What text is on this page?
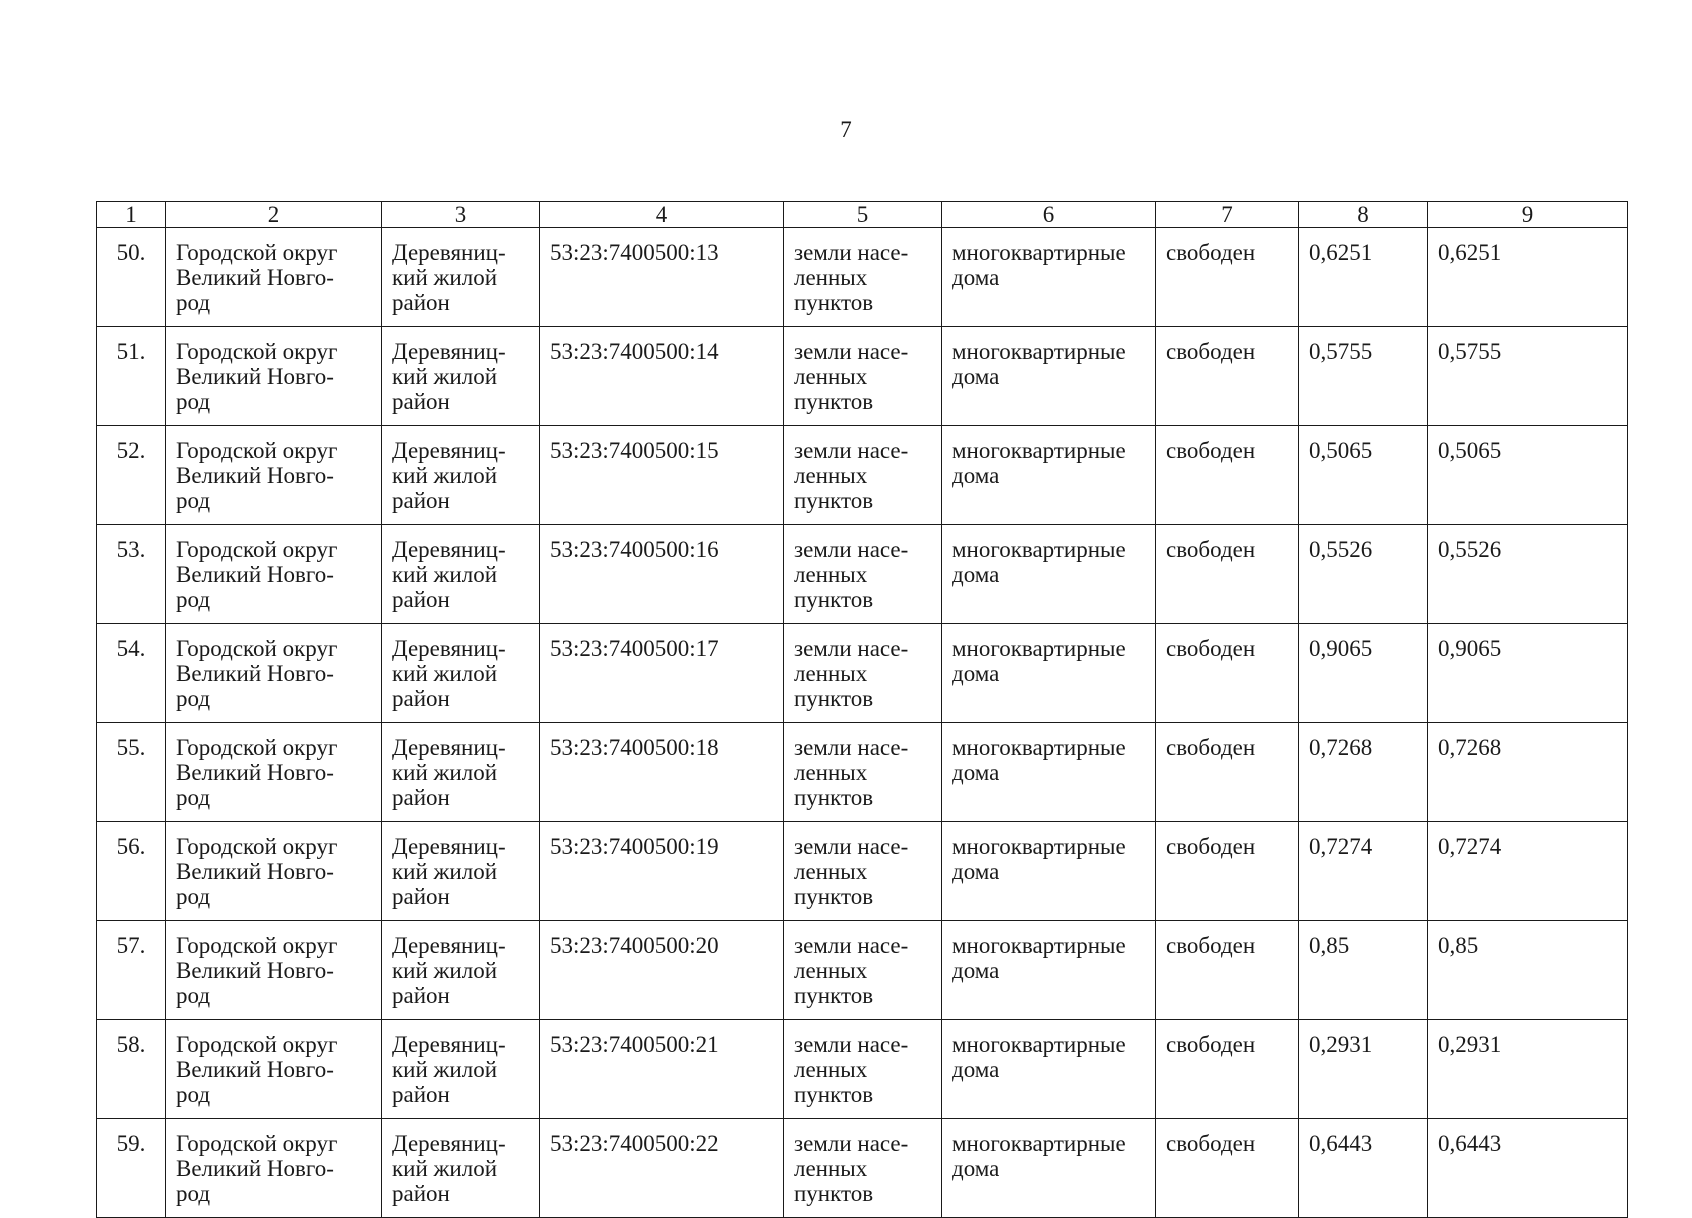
7
1	2	3	4	5	6	7	8	9
50.	Городской округ
Великий Новго-
род	Деревяниц-
кий жилой
район	53:23:7400500:13	земли насе-
ленных
пунктов	многоквартирные
дома	свободен	0,6251	0,6251
51.	Городской округ
Великий Новго-
род	Деревяниц-
кий жилой
район	53:23:7400500:14	земли насе-
ленных
пунктов	многоквартирные
дома	свободен	0,5755	0,5755
52.	Городской округ
Великий Новго-
род	Деревяниц-
кий жилой
район	53:23:7400500:15	земли насе-
ленных
пунктов	многоквартирные
дома	свободен	0,5065	0,5065
53.	Городской округ
Великий Новго-
род	Деревяниц-
кий жилой
район	53:23:7400500:16	земли насе-
ленных
пунктов	многоквартирные
дома	свободен	0,5526	0,5526
54.	Городской округ
Великий Новго-
род	Деревяниц-
кий жилой
район	53:23:7400500:17	земли насе-
ленных
пунктов	многоквартирные
дома	свободен	0,9065	0,9065
55.	Городской округ
Великий Новго-
род	Деревяниц-
кий жилой
район	53:23:7400500:18	земли насе-
ленных
пунктов	многоквартирные
дома	свободен	0,7268	0,7268
56.	Городской округ
Великий Новго-
род	Деревяниц-
кий жилой
район	53:23:7400500:19	земли насе-
ленных
пунктов	многоквартирные
дома	свободен	0,7274	0,7274
57.	Городской округ
Великий Новго-
род	Деревяниц-
кий жилой
район	53:23:7400500:20	земли насе-
ленных
пунктов	многоквартирные
дома	свободен	0,85	0,85
58.	Городской округ
Великий Новго-
род	Деревяниц-
кий жилой
район	53:23:7400500:21	земли насе-
ленных
пунктов	многоквартирные
дома	свободен	0,2931	0,2931
59.	Городской округ
Великий Новго-
род	Деревяниц-
кий жилой
район	53:23:7400500:22	земли насе-
ленных
пунктов	многоквартирные
дома	свободен	0,6443	0,6443
